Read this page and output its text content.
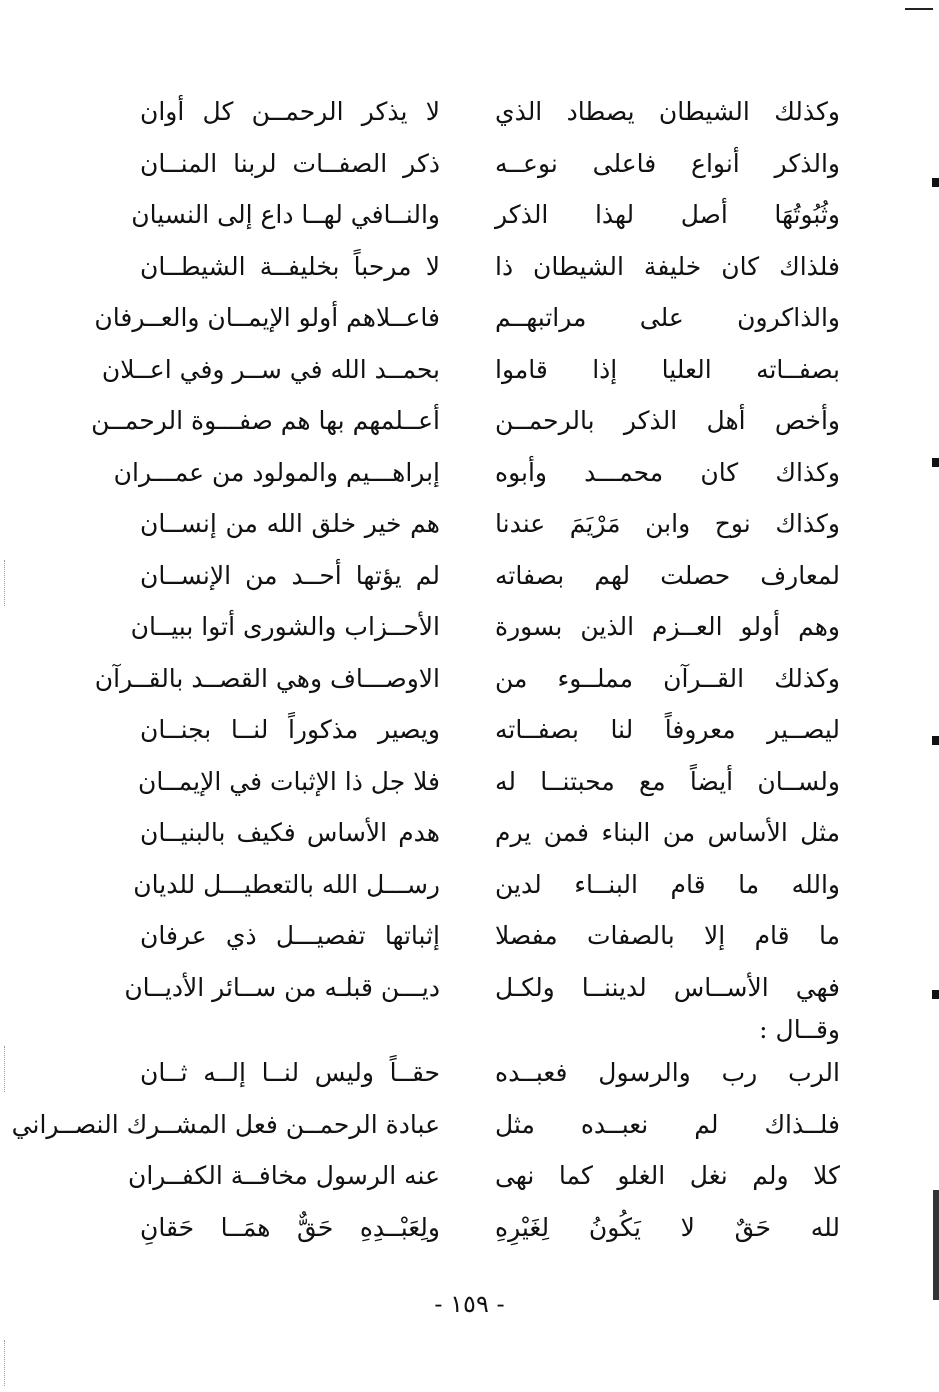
وكذلك الشيطان يصطاد الذي
لا يذكر الرحمــن كل أوان
والذكر أنواع فاعلى نوعــه
ذكر الصفــات لربنا المنــان
وثُبُوتُهَا أصل لهذا الذكر
والنــافي لهــا داع إلى النسيان
فلذاك كان خليفة الشيطان ذا
لا مرحباً بخليفــة الشيطــان
والذاكرون على مراتبهــم
فاعــلاهم أولو الإيمــان والعــرفان
بصفــاته العليا إذا قاموا
بحمــد الله في ســر وفي اعــلان
وأخص أهل الذكر بالرحمــن
أعــلمهم بها هم صفـــوة الرحمــن
وكذاك كان محمـــد وأبوه
إبراهـــيم والمولود من عمـــران
وكذاك نوح وابن مَرْيَمَ عندنا
هم خير خلق الله من إنســان
لمعارف حصلت لهم بصفاته
لم يؤتها أحــد من الإنســان
وهم أولو العــزم الذين بسورة
الأحــزاب والشورى أتوا ببيــان
وكذلك القــرآن مملــوء من
الاوصـــاف وهي القصــد بالقــرآن
ليصــير معروفاً لنا بصفــاته
ويصير مذكوراً لنــا بجنــان
ولســان أيضاً مع محبتنــا له
فلا جل ذا الإثبات في الإيمــان
مثل الأساس من البناء فمن يرم
هدم الأساس فكيف بالبنيــان
والله ما قام البنــاء لدين
رســـل الله بالتعطيـــل للديان
ما قام إلا بالصفات مفصلا
إثباتها تفصيـــل ذي عرفان
فهي الأســاس لديننــا ولكـل
ديـــن قبلـه من ســائر الأديــان
وقــال :
الرب رب والرسول فعبــده
حقــاً وليس لنــا إلــه ثــان
فلــذاك لم نعبــده مثل
عبادة الرحمــن فعل المشــرك النصــراني
كلا ولم نغل الغلو كما نهى
عنه الرسول مخافــة الكفــران
لله حَقٌ لا يَكُونُ لِغَيْرِهِ
ولِعَبْــدِهِ حَقٌّ همَــا حَقانِ
- ١٥٩ -
